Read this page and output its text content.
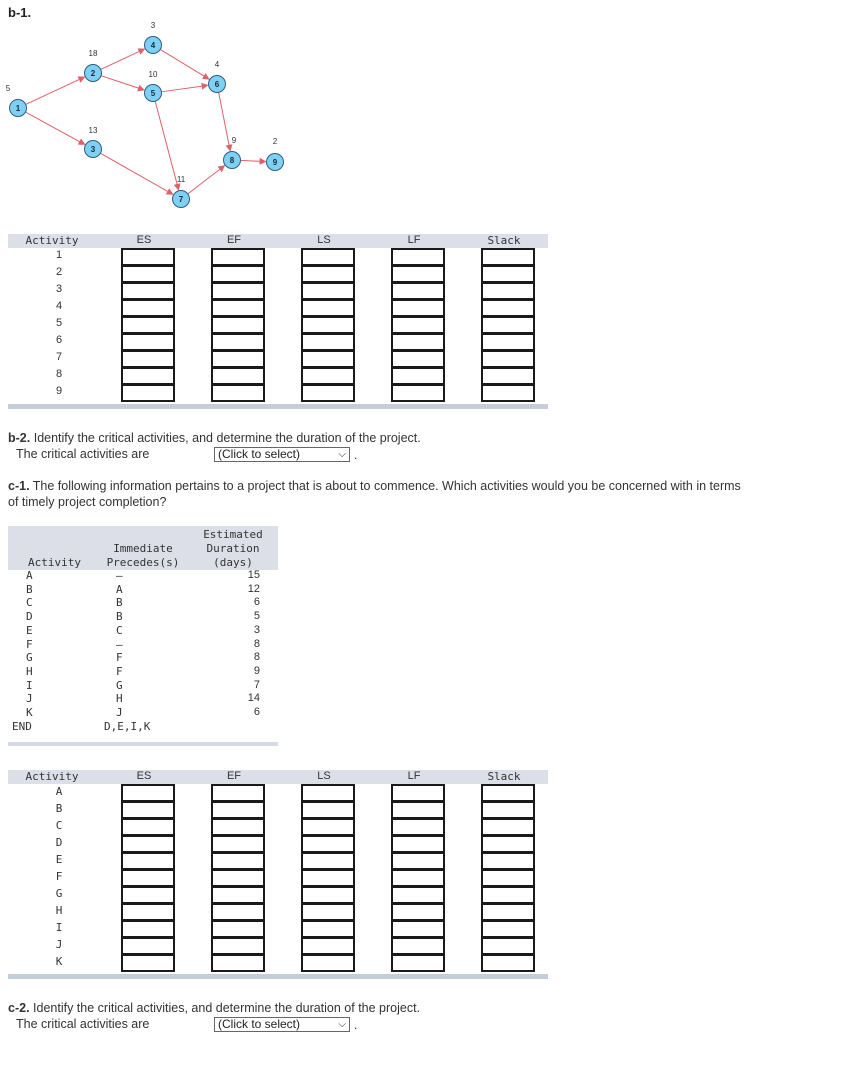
b-1.
1
5
2
18
3
13
4
3
5
10
6
4
7
11
8
9
9
2
Activity	ES	EF	LS	LF	Slack
1
2
3
4
5
6
7
8
9
b-2. Identify the critical activities, and determine the duration of the project.
The critical activities are	(Click to select)	⌵ .
c-1. The following information pertains to a project that is about to commence. Which activities would you be concerned with in terms
of timely project completion?
Activity
Immediate
Precedes(s)
Estimated
Duration
(days)
A	–	15
B	A	12
C	B	6
D	B	5
E	C	3
F	–	8
G	F	8
H	F	9
I	G	7
J	H	14
K	J	6
END	D,E,I,K
Activity	ES	EF	LS	LF	Slack
A
B
C
D
E
F
G
H
I
J
K
c-2. Identify the critical activities, and determine the duration of the project.
The critical activities are	(Click to select)	⌵ .
